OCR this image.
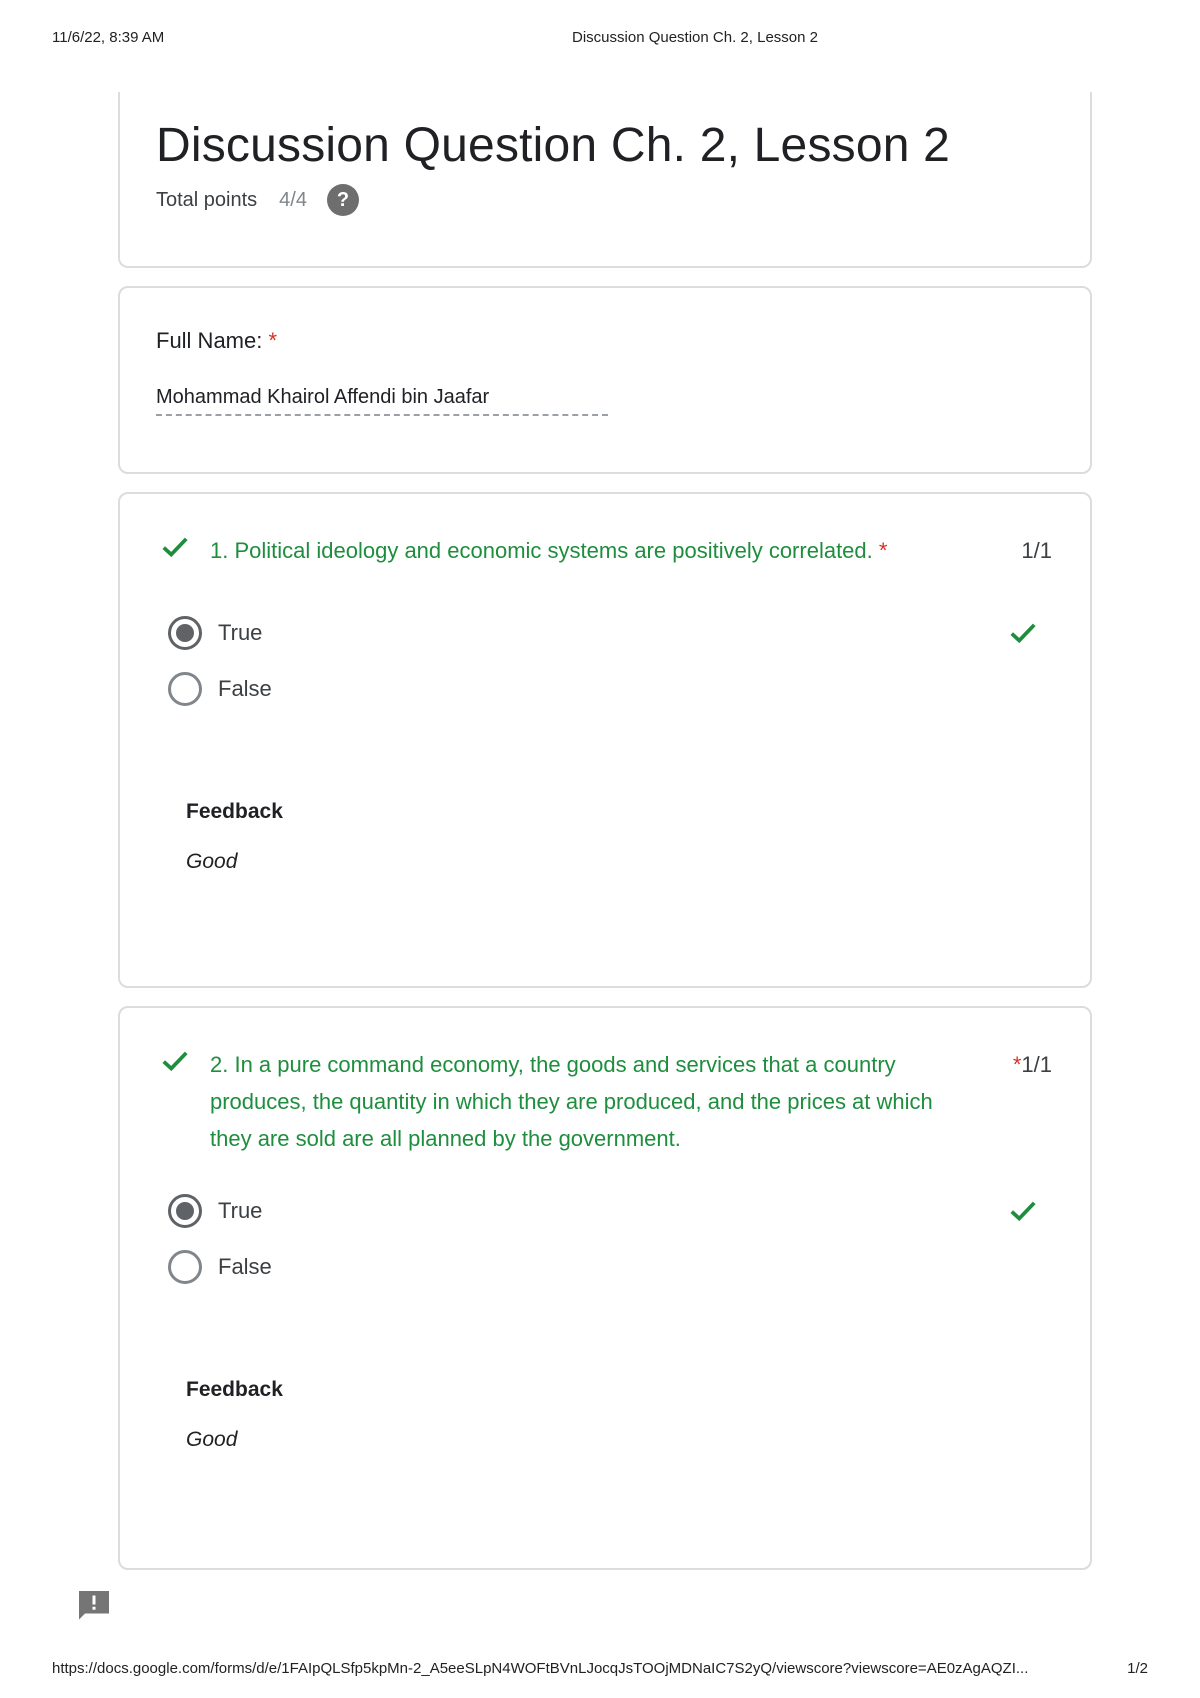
11/6/22, 8:39 AM	Discussion Question Ch. 2, Lesson 2
Discussion Question Ch. 2, Lesson 2
Total points 4/4	?
Full Name: *
Mohammad Khairol Affendi bin Jaafar
1. Political ideology and economic systems are positively correlated. *	1/1
True
False
Feedback
Good
2. In a pure command economy, the goods and services that a country produces, the quantity in which they are produced, and the prices at which they are sold are all planned by the government.
*1/1
True
False
Feedback
Good
https://docs.google.com/forms/d/e/1FAIpQLSfp5kpMn-2_A5eeSLpN4WOFtBVnLJocqJsTOOjMDNaIC7S2yQ/viewscore?viewscore=AE0zAgAQZI...	1/2
